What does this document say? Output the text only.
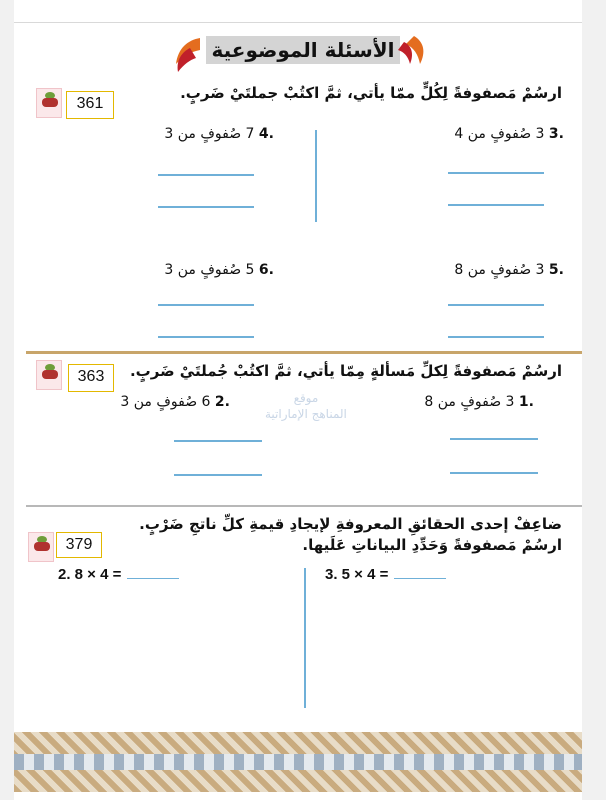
الأسئلة الموضوعية
ارسُمْ مَصفوفةً لِكُلٍّ ممّا يأتي، ثمَّ اكتُبْ جملتَيْ ضَربٍ.
361
.3 3 صُفوفٍ من 4
.4 7 صُفوفٍ من 3
.5 3 صُفوفٍ من 8
.6 5 صُفوفٍ من 3
ارسُمْ مَصفوفةً لِكلِّ مَسألةٍ مِمّا يأتي، ثمَّ اكتُبْ جُملتَيْ ضَربٍ.
363
.1 3 صُفوفٍ من 8
.2 6 صُفوفٍ من 3	موقع
المناهج الإماراتية
ضاعِفْ إحدى الحقائقِ المعروفةِ لإيجادِ قيمةِ كلِّ ناتجِ ضَرْبٍ.
ارسُمْ مَصفوفةً وَحَدِّدِ البياناتِ عَلَيها.
379
2. 8 × 4 =	3. 5 × 4 =
